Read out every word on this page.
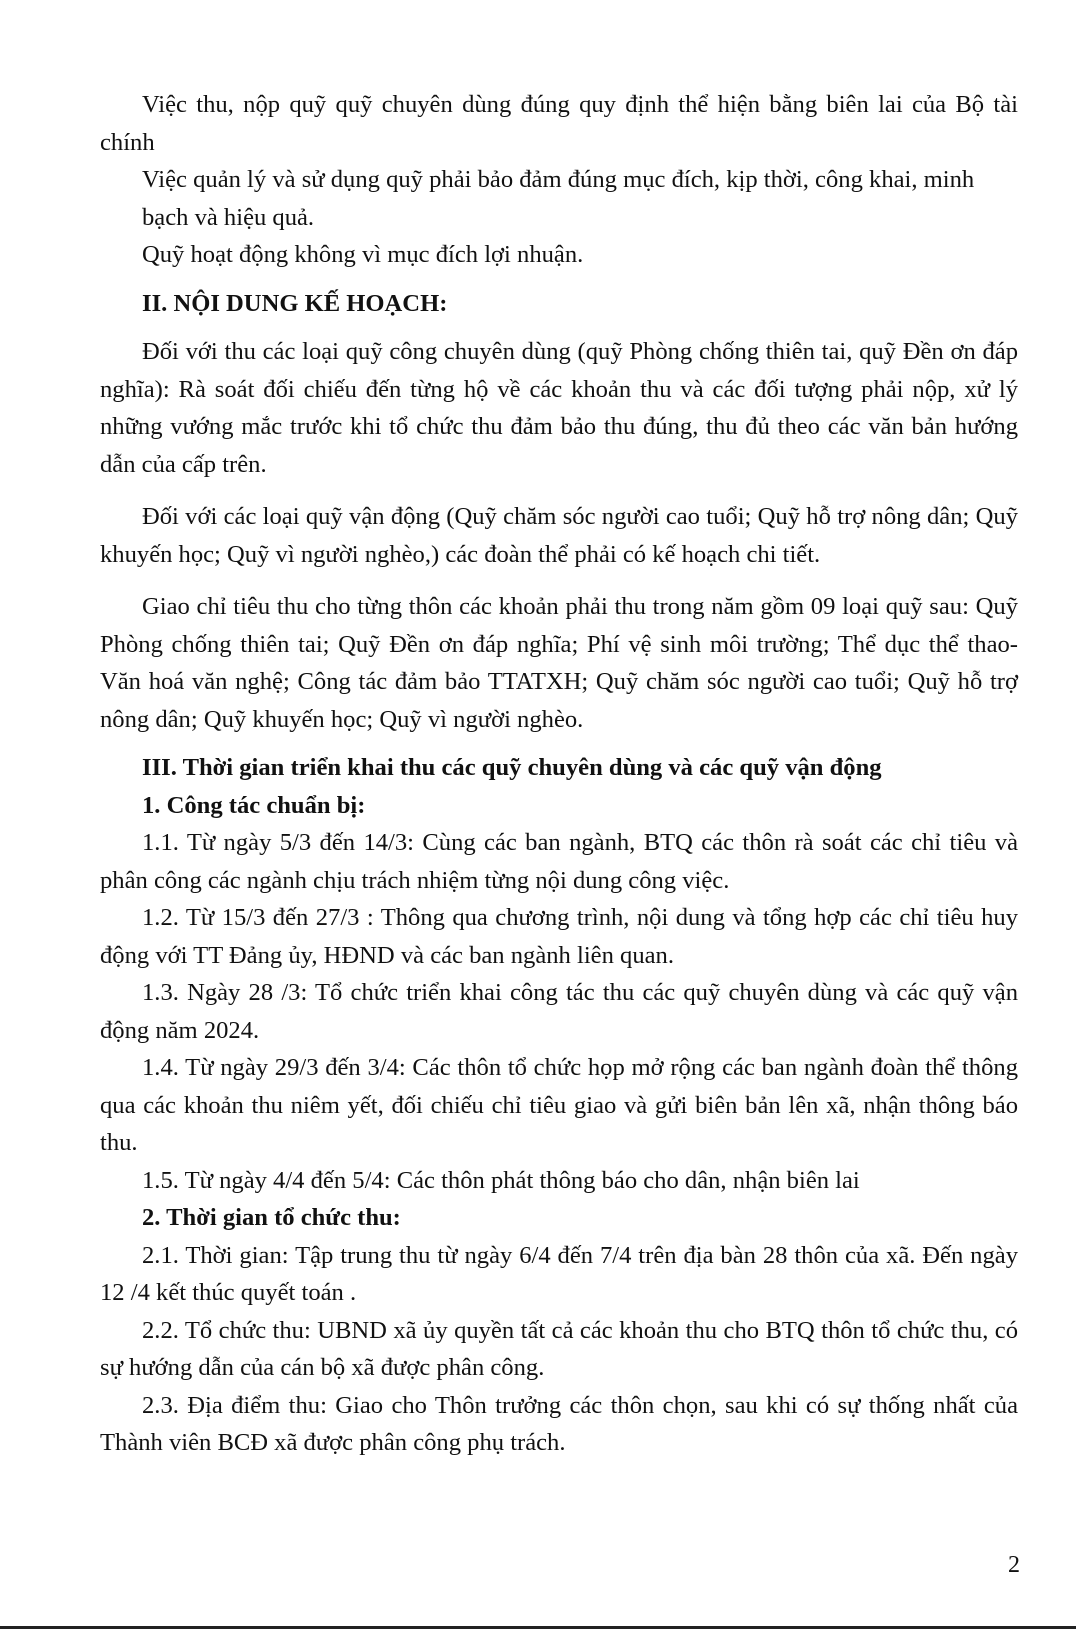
Việc thu, nộp quỹ quỹ chuyên dùng đúng quy định thể hiện bằng biên lai của Bộ tài chính

Việc quản lý và sử dụng quỹ phải bảo đảm đúng mục đích, kịp thời, công khai, minh bạch và hiệu quả.

Quỹ hoạt động không vì mục đích lợi nhuận.

II. NỘI DUNG KẾ HOẠCH:

Đối với thu các loại quỹ công chuyên dùng (quỹ Phòng chống thiên tai, quỹ Đền ơn đáp nghĩa): Rà soát đối chiếu đến từng hộ về các khoản thu và các đối tượng phải nộp, xử lý những vướng mắc trước khi tổ chức thu đảm bảo thu đúng, thu đủ theo các văn bản hướng dẫn của cấp trên.

Đối với các loại quỹ vận động (Quỹ chăm sóc người cao tuổi; Quỹ hỗ trợ nông dân; Quỹ khuyến học; Quỹ vì người nghèo,) các đoàn thể phải có kế hoạch chi tiết.

Giao chỉ tiêu thu cho từng thôn các khoản phải thu trong năm gồm 09 loại quỹ sau: Quỹ Phòng chống thiên tai; Quỹ Đền ơn đáp nghĩa; Phí vệ sinh môi trường; Thể dục thể thao- Văn hoá văn nghệ; Công tác đảm bảo TTATXH; Quỹ chăm sóc người cao tuổi; Quỹ hỗ trợ nông dân; Quỹ khuyến học; Quỹ vì người nghèo.

III. Thời gian triển khai thu các quỹ chuyên dùng và các quỹ vận động

1. Công tác chuẩn bị:

1.1. Từ ngày 5/3 đến 14/3: Cùng các ban ngành, BTQ các thôn rà soát các chỉ tiêu và phân công các ngành chịu trách nhiệm từng nội dung công việc.

1.2. Từ 15/3 đến 27/3 : Thông qua chương trình, nội dung và tổng hợp các chỉ tiêu huy động với TT Đảng ủy, HĐND và các ban ngành liên quan.

1.3. Ngày 28 /3: Tổ chức triển khai công tác thu các quỹ chuyên dùng và các quỹ vận động năm 2024.

1.4. Từ ngày 29/3 đến 3/4: Các thôn tổ chức họp mở rộng các ban ngành đoàn thể thông qua các khoản thu niêm yết, đối chiếu chỉ tiêu giao và gửi biên bản lên xã, nhận thông báo thu.

1.5. Từ ngày 4/4 đến 5/4: Các thôn phát thông báo cho dân, nhận biên lai

2. Thời gian tổ chức thu:

2.1. Thời gian: Tập trung thu từ ngày 6/4 đến 7/4 trên địa bàn 28 thôn của xã. Đến ngày 12 /4 kết thúc quyết toán .

2.2. Tổ chức thu: UBND xã ủy quyền tất cả các khoản thu cho BTQ thôn tổ chức thu, có sự hướng dẫn của cán bộ xã được phân công.

2.3. Địa điểm thu: Giao cho Thôn trưởng các thôn chọn, sau khi có sự thống nhất của Thành viên BCĐ xã được phân công phụ trách.

2
